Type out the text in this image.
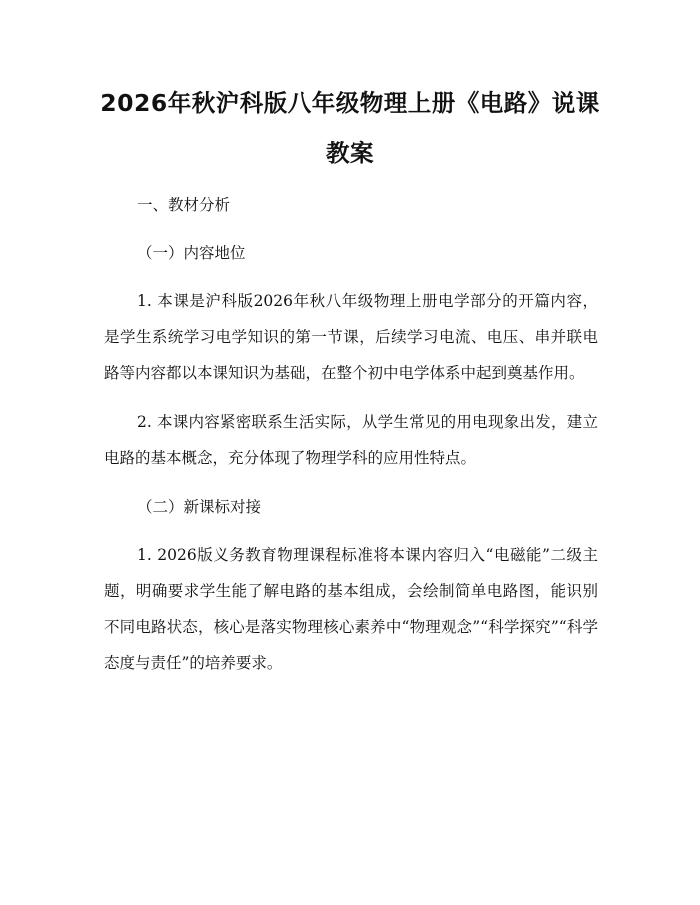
2026年秋沪科版八年级物理上册《电路》说课教案

一、教材分析

（一）内容地位

1. 本课是沪科版2026年秋八年级物理上册电学部分的开篇内容，是学生系统学习电学知识的第一节课，后续学习电流、电压、串并联电路等内容都以本课知识为基础，在整个初中电学体系中起到奠基作用。

2. 本课内容紧密联系生活实际，从学生常见的用电现象出发，建立电路的基本概念，充分体现了物理学科的应用性特点。

（二）新课标对接

1. 2026版义务教育物理课程标准将本课内容归入“电磁能”二级主题，明确要求学生能了解电路的基本组成，会绘制简单电路图，能识别不同电路状态，核心是落实物理核心素养中“物理观念”“科学探究”“科学态度与责任”的培养要求。
